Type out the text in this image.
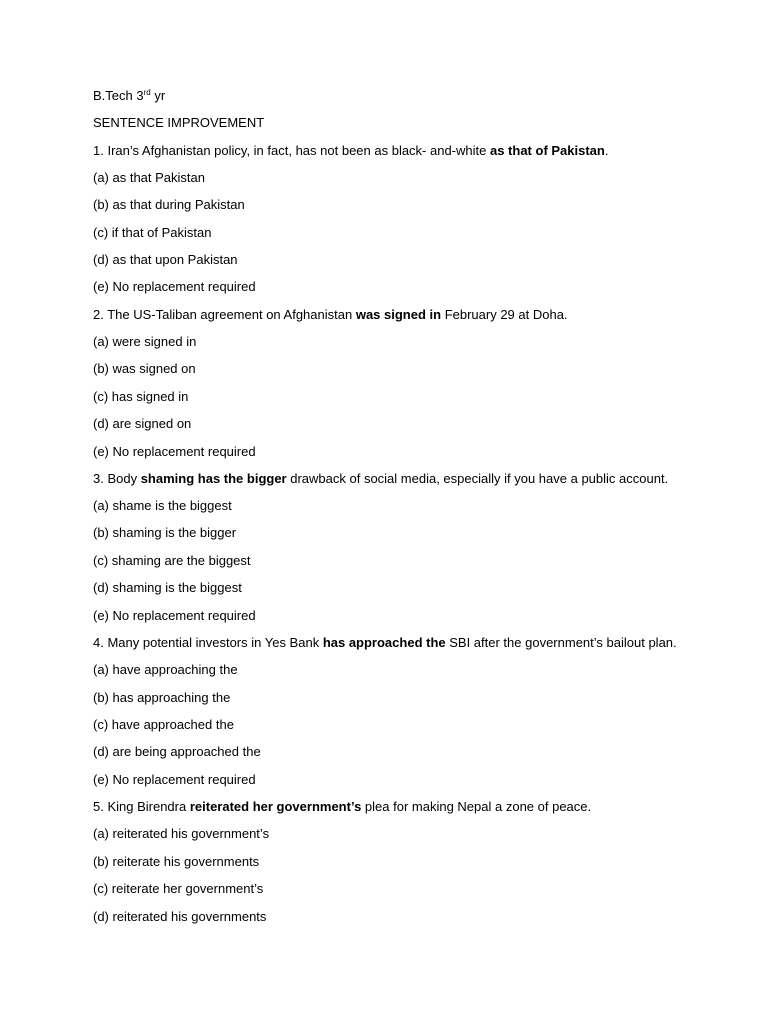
B.Tech 3rd yr
SENTENCE IMPROVEMENT
1. Iran’s Afghanistan policy, in fact, has not been as black- and-white as that of Pakistan.
(a) as that Pakistan
(b) as that during Pakistan
(c) if that of Pakistan
(d) as that upon Pakistan
(e) No replacement required
2. The US-Taliban agreement on Afghanistan was signed in February 29 at Doha.
(a) were signed in
(b) was signed on
(c) has signed in
(d) are signed on
(e) No replacement required
3. Body shaming has the bigger drawback of social media, especially if you have a public account.
(a) shame is the biggest
(b) shaming is the bigger
(c) shaming are the biggest
(d) shaming is the biggest
(e) No replacement required
4. Many potential investors in Yes Bank has approached the SBI after the government’s bailout plan.
(a) have approaching the
(b) has approaching the
(c) have approached the
(d) are being approached the
(e) No replacement required
5. King Birendra reiterated her government’s plea for making Nepal a zone of peace.
(a) reiterated his government’s
(b) reiterate his governments
(c) reiterate her government’s
(d) reiterated his governments
